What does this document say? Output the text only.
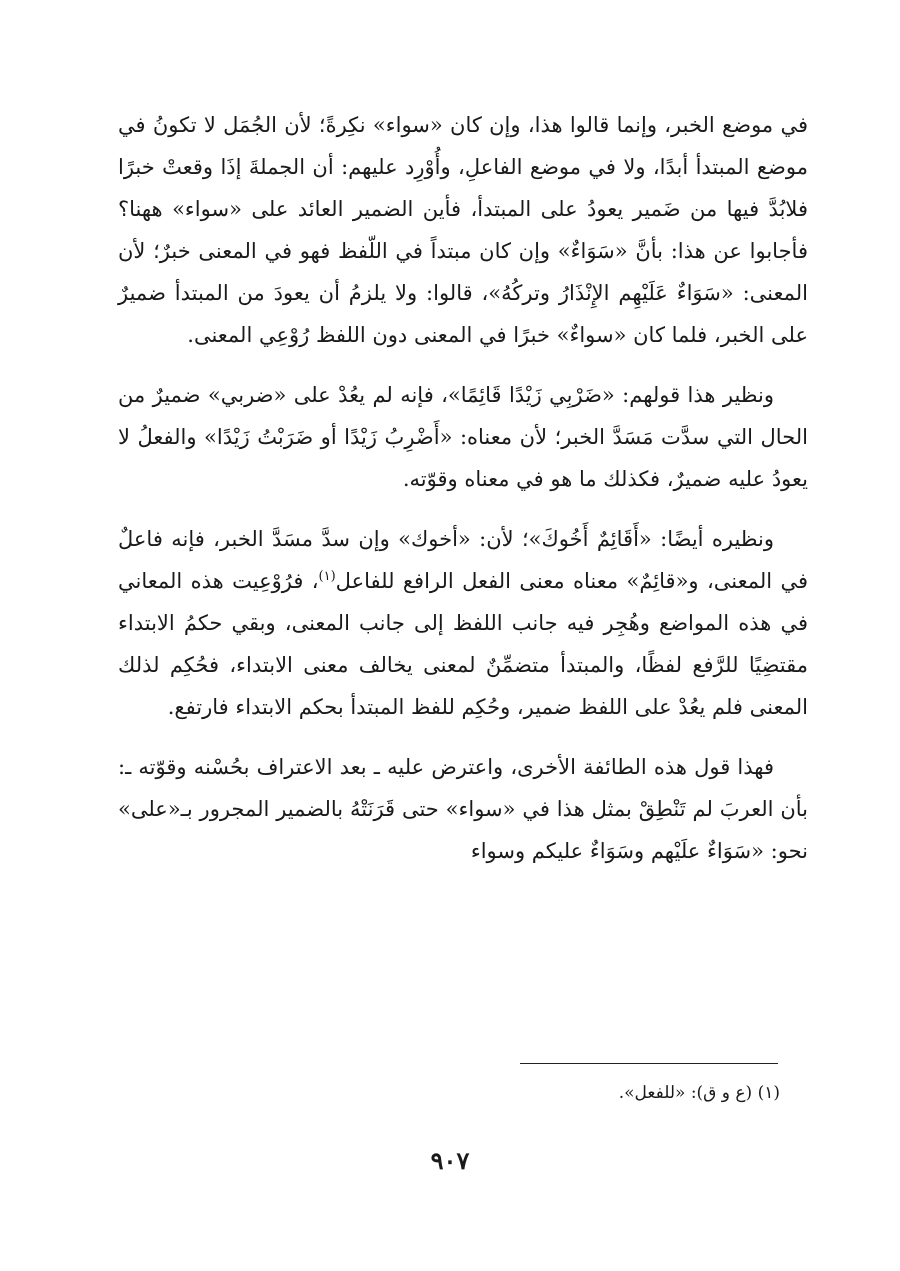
في موضع الخبر، وإنما قالوا هذا، وإن كان «سواء» نكِرةً؛ لأن الجُمَل لا تكونُ في موضع المبتدأ أبدًا، ولا في موضع الفاعلِ، وأُوْرِد عليهم: أن الجملةَ إذَا وقعتْ خبرًا فلابُدَّ فيها من ضَمير يعودُ على المبتدأ، فأين الضمير العائد على «سواء» ههنا؟ فأجابوا عن هذا: بأنَّ «سَوَاءٌ» وإن كان مبتداً في اللّفظ فهو في المعنى خبرٌ؛ لأن المعنى: «سَوَاءٌ عَلَيْهِم الإِنْذَارُ وتركُهُ»، قالوا: ولا يلزمُ أن يعودَ من المبتدأ ضميرٌ على الخبر، فلما كان «سواءٌ» خبرًا في المعنى دون اللفظ رُوْعِي المعنى.

ونظير هذا قولهم: «ضَرْبِي زَيْدًا قَائِمًا»، فإنه لم يعُدْ على «ضربي» ضميرٌ من الحال التي سدَّت مَسَدَّ الخبر؛ لأن معناه: «أَضْرِبُ زَيْدًا أو ضَرَبْتُ زَيْدًا» والفعلُ لا يعودُ عليه ضميرٌ، فكذلك ما هو في معناه وقوّته.

ونظيره أيضًا: «أَقَائِمٌ أَخُوكَ»؛ لأن: «أخوك» وإن سدَّ مسَدَّ الخبر، فإنه فاعلٌ في المعنى، و«قائِمٌ» معناه معنى الفعل الرافع للفاعل$^{(١)}$، فرُوْعِيت هذه المعاني في هذه المواضع وهُجِر فيه جانب اللفظ إلى جانب المعنى، وبقي حكمُ الابتداء مقتضِيًا للرَّفع لفظًا، والمبتدأ متضمِّنٌ لمعنى يخالف معنى الابتداء، فحُكِم لذلك المعنى فلم يعُدْ على اللفظ ضمير، وحُكِم للفظ المبتدأ بحكم الابتداء فارتفع.

فهذا قول هذه الطائفة الأخرى، واعترض عليه ـ بعد الاعتراف بحُسْنه وقوّته ـ: بأن العربَ لم تَنْطِقْ بمثل هذا في «سواء» حتى قَرَنَتْهُ بالضمير المجرور بـ«على» نحو: «سَوَاءٌ علَيْهم وسَوَاءٌ عليكم وسواء

(١) (ع و ق): «للفعل».
٩٠٧
